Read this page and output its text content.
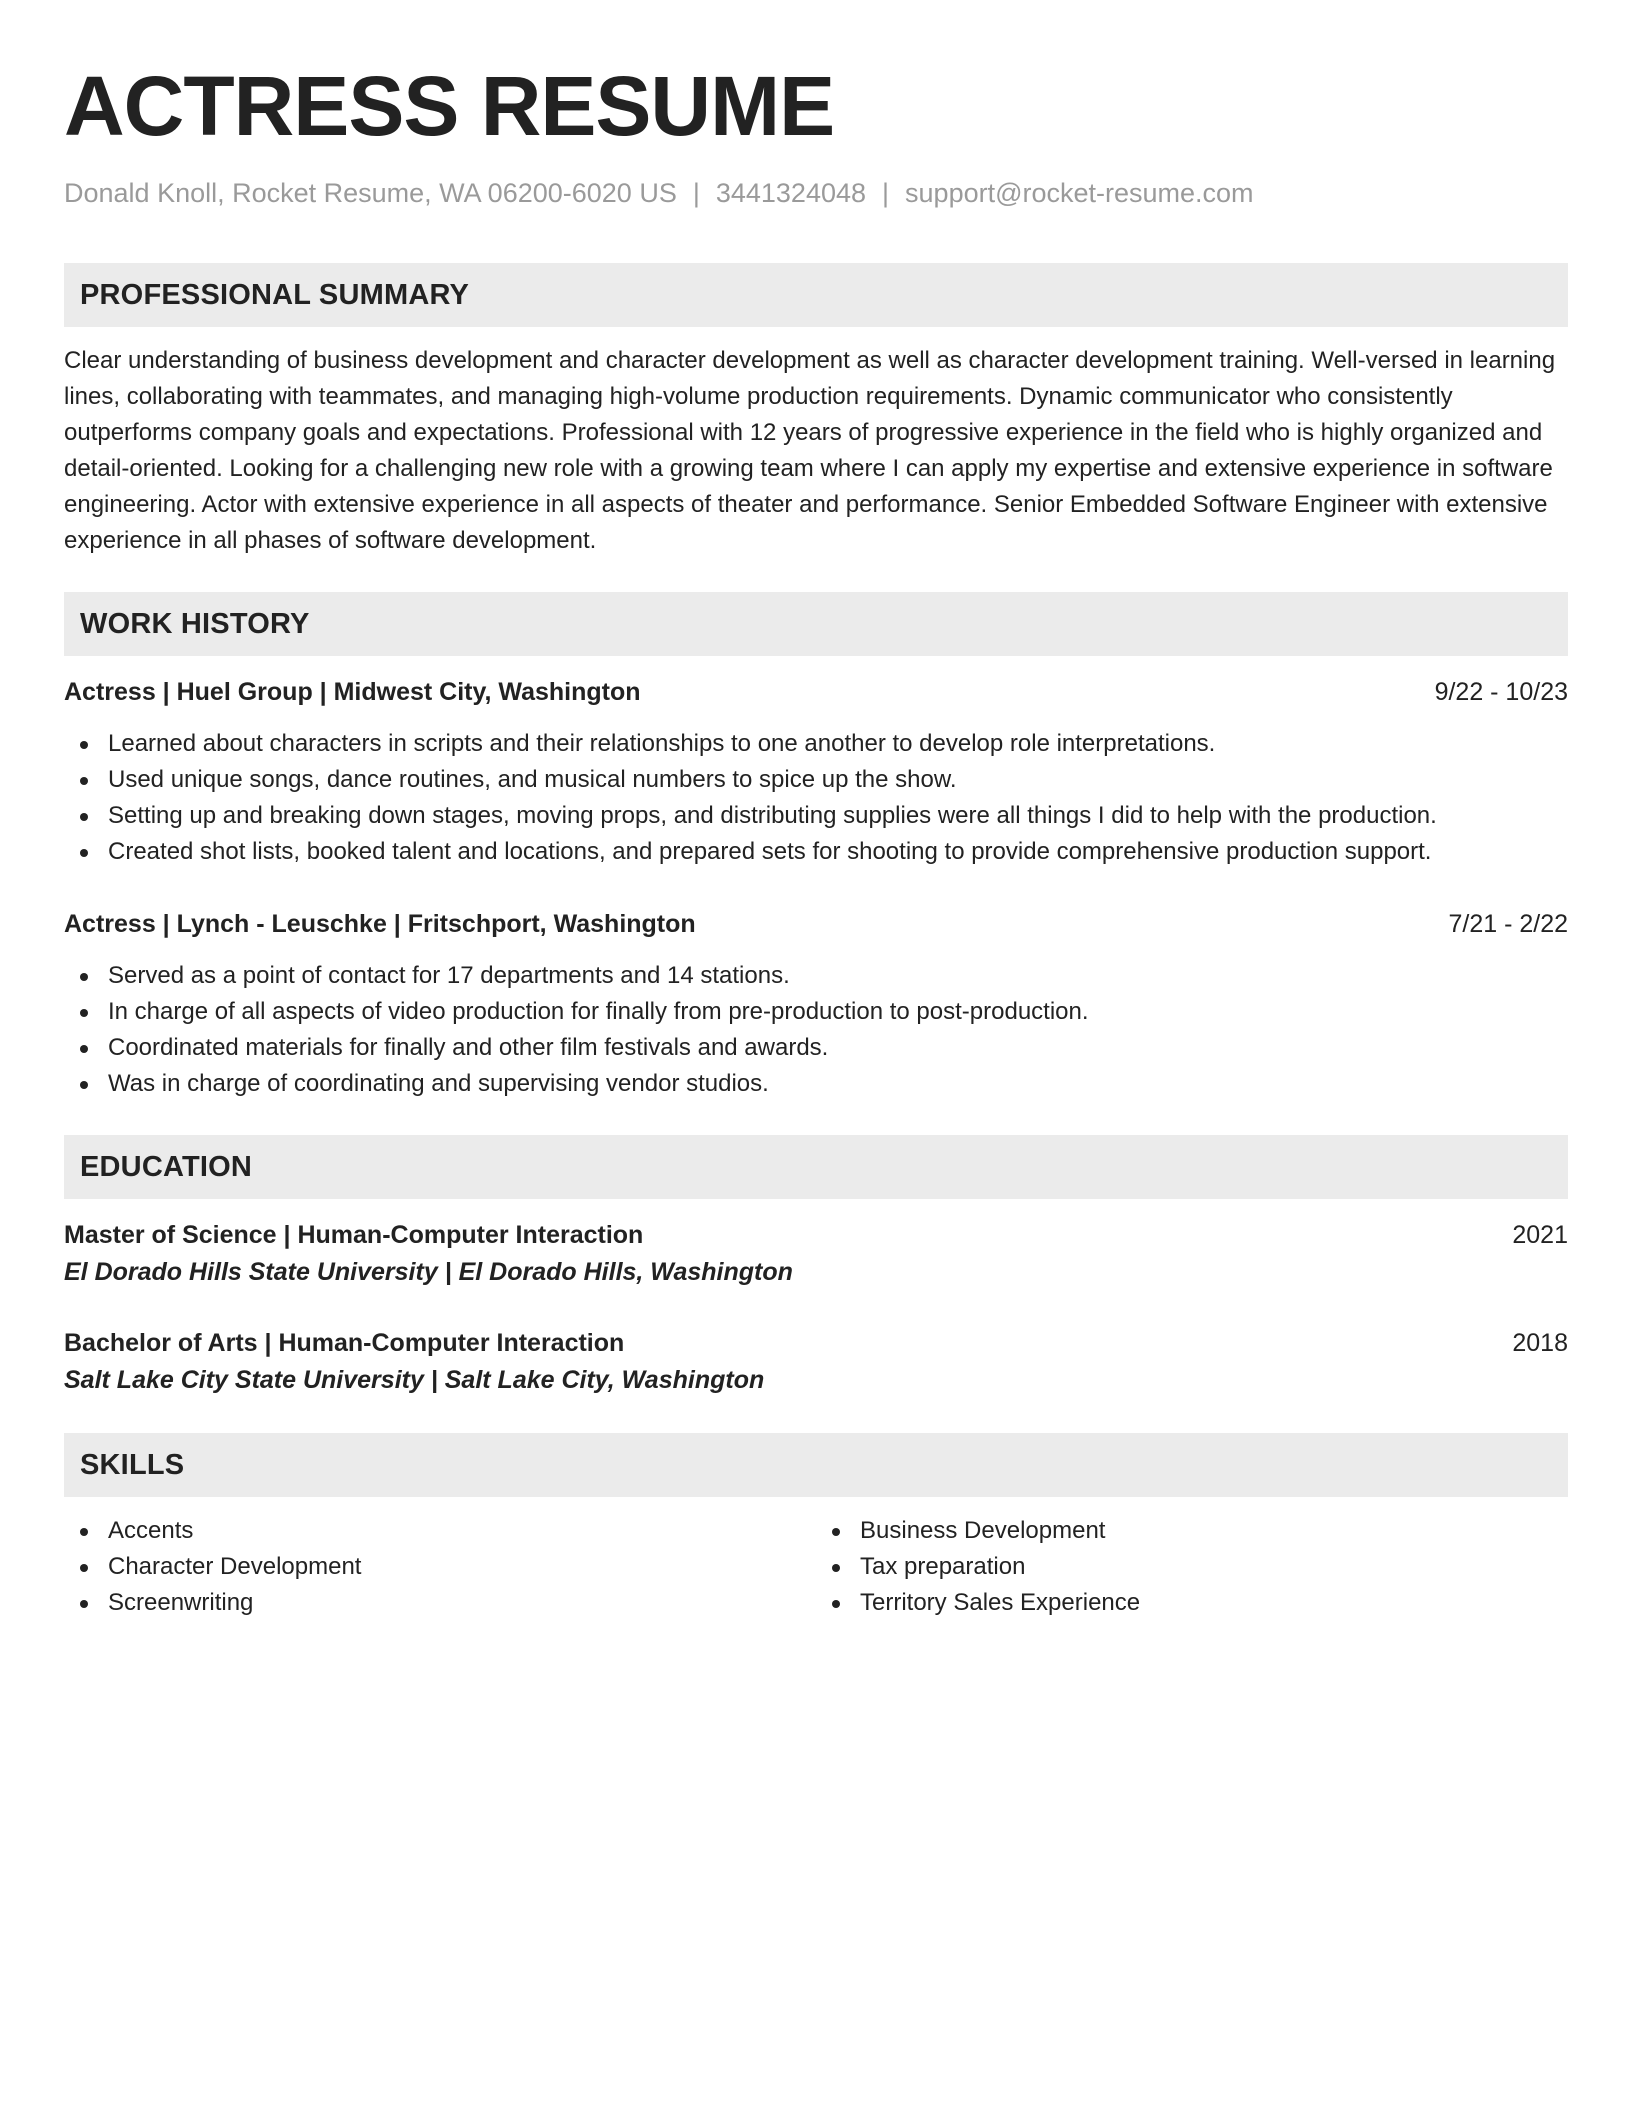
ACTRESS RESUME
Donald Knoll, Rocket Resume, WA 06200-6020 US | 3441324048 | support@rocket-resume.com
PROFESSIONAL SUMMARY
Clear understanding of business development and character development as well as character development training. Well-versed in learning lines, collaborating with teammates, and managing high-volume production requirements. Dynamic communicator who consistently outperforms company goals and expectations. Professional with 12 years of progressive experience in the field who is highly organized and detail-oriented. Looking for a challenging new role with a growing team where I can apply my expertise and extensive experience in software engineering. Actor with extensive experience in all aspects of theater and performance. Senior Embedded Software Engineer with extensive experience in all phases of software development.
WORK HISTORY
Actress | Huel Group | Midwest City, Washington	9/22 - 10/23
Learned about characters in scripts and their relationships to one another to develop role interpretations.
Used unique songs, dance routines, and musical numbers to spice up the show.
Setting up and breaking down stages, moving props, and distributing supplies were all things I did to help with the production.
Created shot lists, booked talent and locations, and prepared sets for shooting to provide comprehensive production support.
Actress | Lynch - Leuschke | Fritschport, Washington	7/21 - 2/22
Served as a point of contact for 17 departments and 14 stations.
In charge of all aspects of video production for finally from pre-production to post-production.
Coordinated materials for finally and other film festivals and awards.
Was in charge of coordinating and supervising vendor studios.
EDUCATION
Master of Science | Human-Computer Interaction	2021
El Dorado Hills State University | El Dorado Hills, Washington
Bachelor of Arts | Human-Computer Interaction	2018
Salt Lake City State University | Salt Lake City, Washington
SKILLS
Accents
Character Development
Screenwriting
Business Development
Tax preparation
Territory Sales Experience
